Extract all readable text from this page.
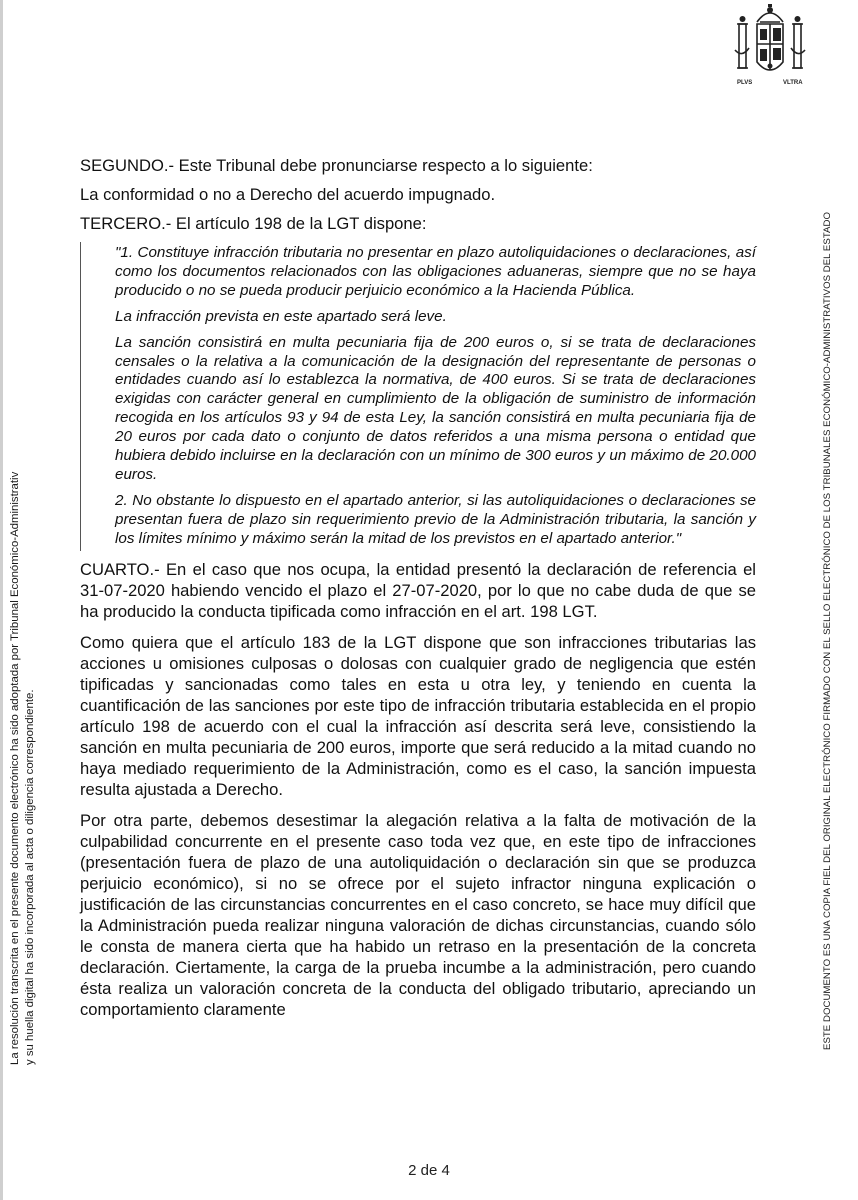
PLVS	VLTRA
La resolución transcrita en el presente documento electrónico ha sido adoptada por Tribunal Económico-Administrativ y su huella digital ha sido incorporada al acta o diligencia correspondiente.	ESTE DOCUMENTO ES UNA COPIA FIEL DEL ORIGINAL ELECTRÓNICO FIRMADO CON EL SELLO ELECTRÓNICO DE LOS TRIBUNALES ECONÓMICO-ADMINISTRATIVOS DEL ESTADO

SEGUNDO.- Este Tribunal debe pronunciarse respecto a lo siguiente:

La conformidad o no a Derecho del acuerdo impugnado.

TERCERO.- El artículo 198 de la LGT dispone:

"1. Constituye infracción tributaria no presentar en plazo autoliquidaciones o declaraciones, así como los documentos relacionados con las obligaciones aduaneras, siempre que no se haya producido o no se pueda producir perjuicio económico a la Hacienda Pública.

La infracción prevista en este apartado será leve.

La sanción consistirá en multa pecuniaria fija de 200 euros o, si se trata de declaraciones censales o la relativa a la comunicación de la designación del representante de personas o entidades cuando así lo establezca la normativa, de 400 euros. Si se trata de declaraciones exigidas con carácter general en cumplimiento de la obligación de suministro de información recogida en los artículos 93 y 94 de esta Ley, la sanción consistirá en multa pecuniaria fija de 20 euros por cada dato o conjunto de datos referidos a una misma persona o entidad que hubiera debido incluirse en la declaración con un mínimo de 300 euros y un máximo de 20.000 euros.

2. No obstante lo dispuesto en el apartado anterior, si las autoliquidaciones o declaraciones se presentan fuera de plazo sin requerimiento previo de la Administración tributaria, la sanción y los límites mínimo y máximo serán la mitad de los previstos en el apartado anterior."

CUARTO.- En el caso que nos ocupa, la entidad presentó la declaración de referencia el 31-07-2020 habiendo vencido el plazo el 27-07-2020, por lo que no cabe duda de que se ha producido la conducta tipificada como infracción en el art. 198 LGT.

Como quiera que el artículo 183 de la LGT dispone que son infracciones tributarias las acciones u omisiones culposas o dolosas con cualquier grado de negligencia que estén tipificadas y sancionadas como tales en esta u otra ley, y teniendo en cuenta la cuantificación de las sanciones por este tipo de infracción tributaria establecida en el propio artículo 198 de acuerdo con el cual la infracción así descrita será leve, consistiendo la sanción en multa pecuniaria de 200 euros, importe que será reducido a la mitad cuando no haya mediado requerimiento de la Administración, como es el caso, la sanción impuesta resulta ajustada a Derecho.

Por otra parte, debemos desestimar la alegación relativa a la falta de motivación de la culpabilidad concurrente en el presente caso toda vez que, en este tipo de infracciones (presentación fuera de plazo de una autoliquidación o declaración sin que se produzca perjuicio económico), si no se ofrece por el sujeto infractor ninguna explicación o justificación de las circunstancias concurrentes en el caso concreto, se hace muy difícil que la Administración pueda realizar ninguna valoración de dichas circunstancias, cuando sólo le consta de manera cierta que ha habido un retraso en la presentación de la concreta declaración. Ciertamente, la carga de la prueba incumbe a la administración, pero cuando ésta realiza un valoración concreta de la conducta del obligado tributario, apreciando un comportamiento claramente

2 de 4
